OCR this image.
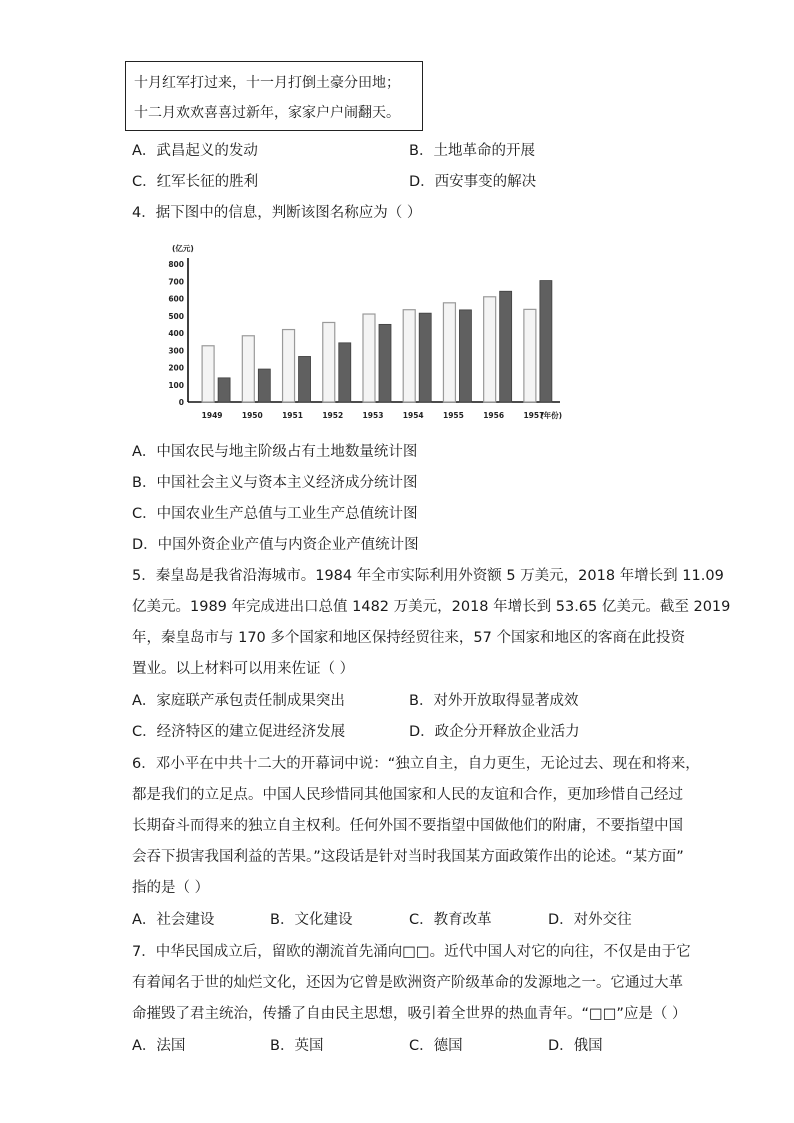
十月红军打过来，十一月打倒土豪分田地；
十二月欢欢喜喜过新年，家家户户闹翻天。
A．武昌起义的发动	B．土地革命的开展
C．红军长征的胜利	D．西安事变的解决
4．据下图中的信息，判断该图名称应为（ ）
(亿元)
0
100
200
300
400
500
600
700
800
1949	1950	1951	1952	1953	1954	1955	1956	1957
(年份)
A．中国农民与地主阶级占有土地数量统计图
B．中国社会主义与资本主义经济成分统计图
C．中国农业生产总值与工业生产总值统计图
D．中国外资企业产值与内资企业产值统计图
5．秦皇岛是我省沿海城市。1984 年全市实际利用外资额 5 万美元，2018 年增长到 11.09
亿美元。1989 年完成进出口总值 1482 万美元，2018 年增长到 53.65 亿美元。截至 2019
年，秦皇岛市与 170 多个国家和地区保持经贸往来，57 个国家和地区的客商在此投资
置业。以上材料可以用来佐证（ ）
A．家庭联产承包责任制成果突出	B．对外开放取得显著成效
C．经济特区的建立促进经济发展	D．政企分开释放企业活力
6．邓小平在中共十二大的开幕词中说：“独立自主，自力更生，无论过去、现在和将来，
都是我们的立足点。中国人民珍惜同其他国家和人民的友谊和合作，更加珍惜自己经过
长期奋斗而得来的独立自主权利。任何外国不要指望中国做他们的附庸，不要指望中国
会吞下损害我国利益的苦果。”这段话是针对当时我国某方面政策作出的论述。“某方面”
指的是（ ）
A．社会建设	B．文化建设	C．教育改革	D．对外交往
7．中华民国成立后，留欧的潮流首先涌向□□。近代中国人对它的向往，不仅是由于它
有着闻名于世的灿烂文化，还因为它曾是欧洲资产阶级革命的发源地之一。它通过大革
命摧毁了君主统治，传播了自由民主思想，吸引着全世界的热血青年。“□□”应是（ ）
A．法国	B．英国	C．德国	D．俄国
